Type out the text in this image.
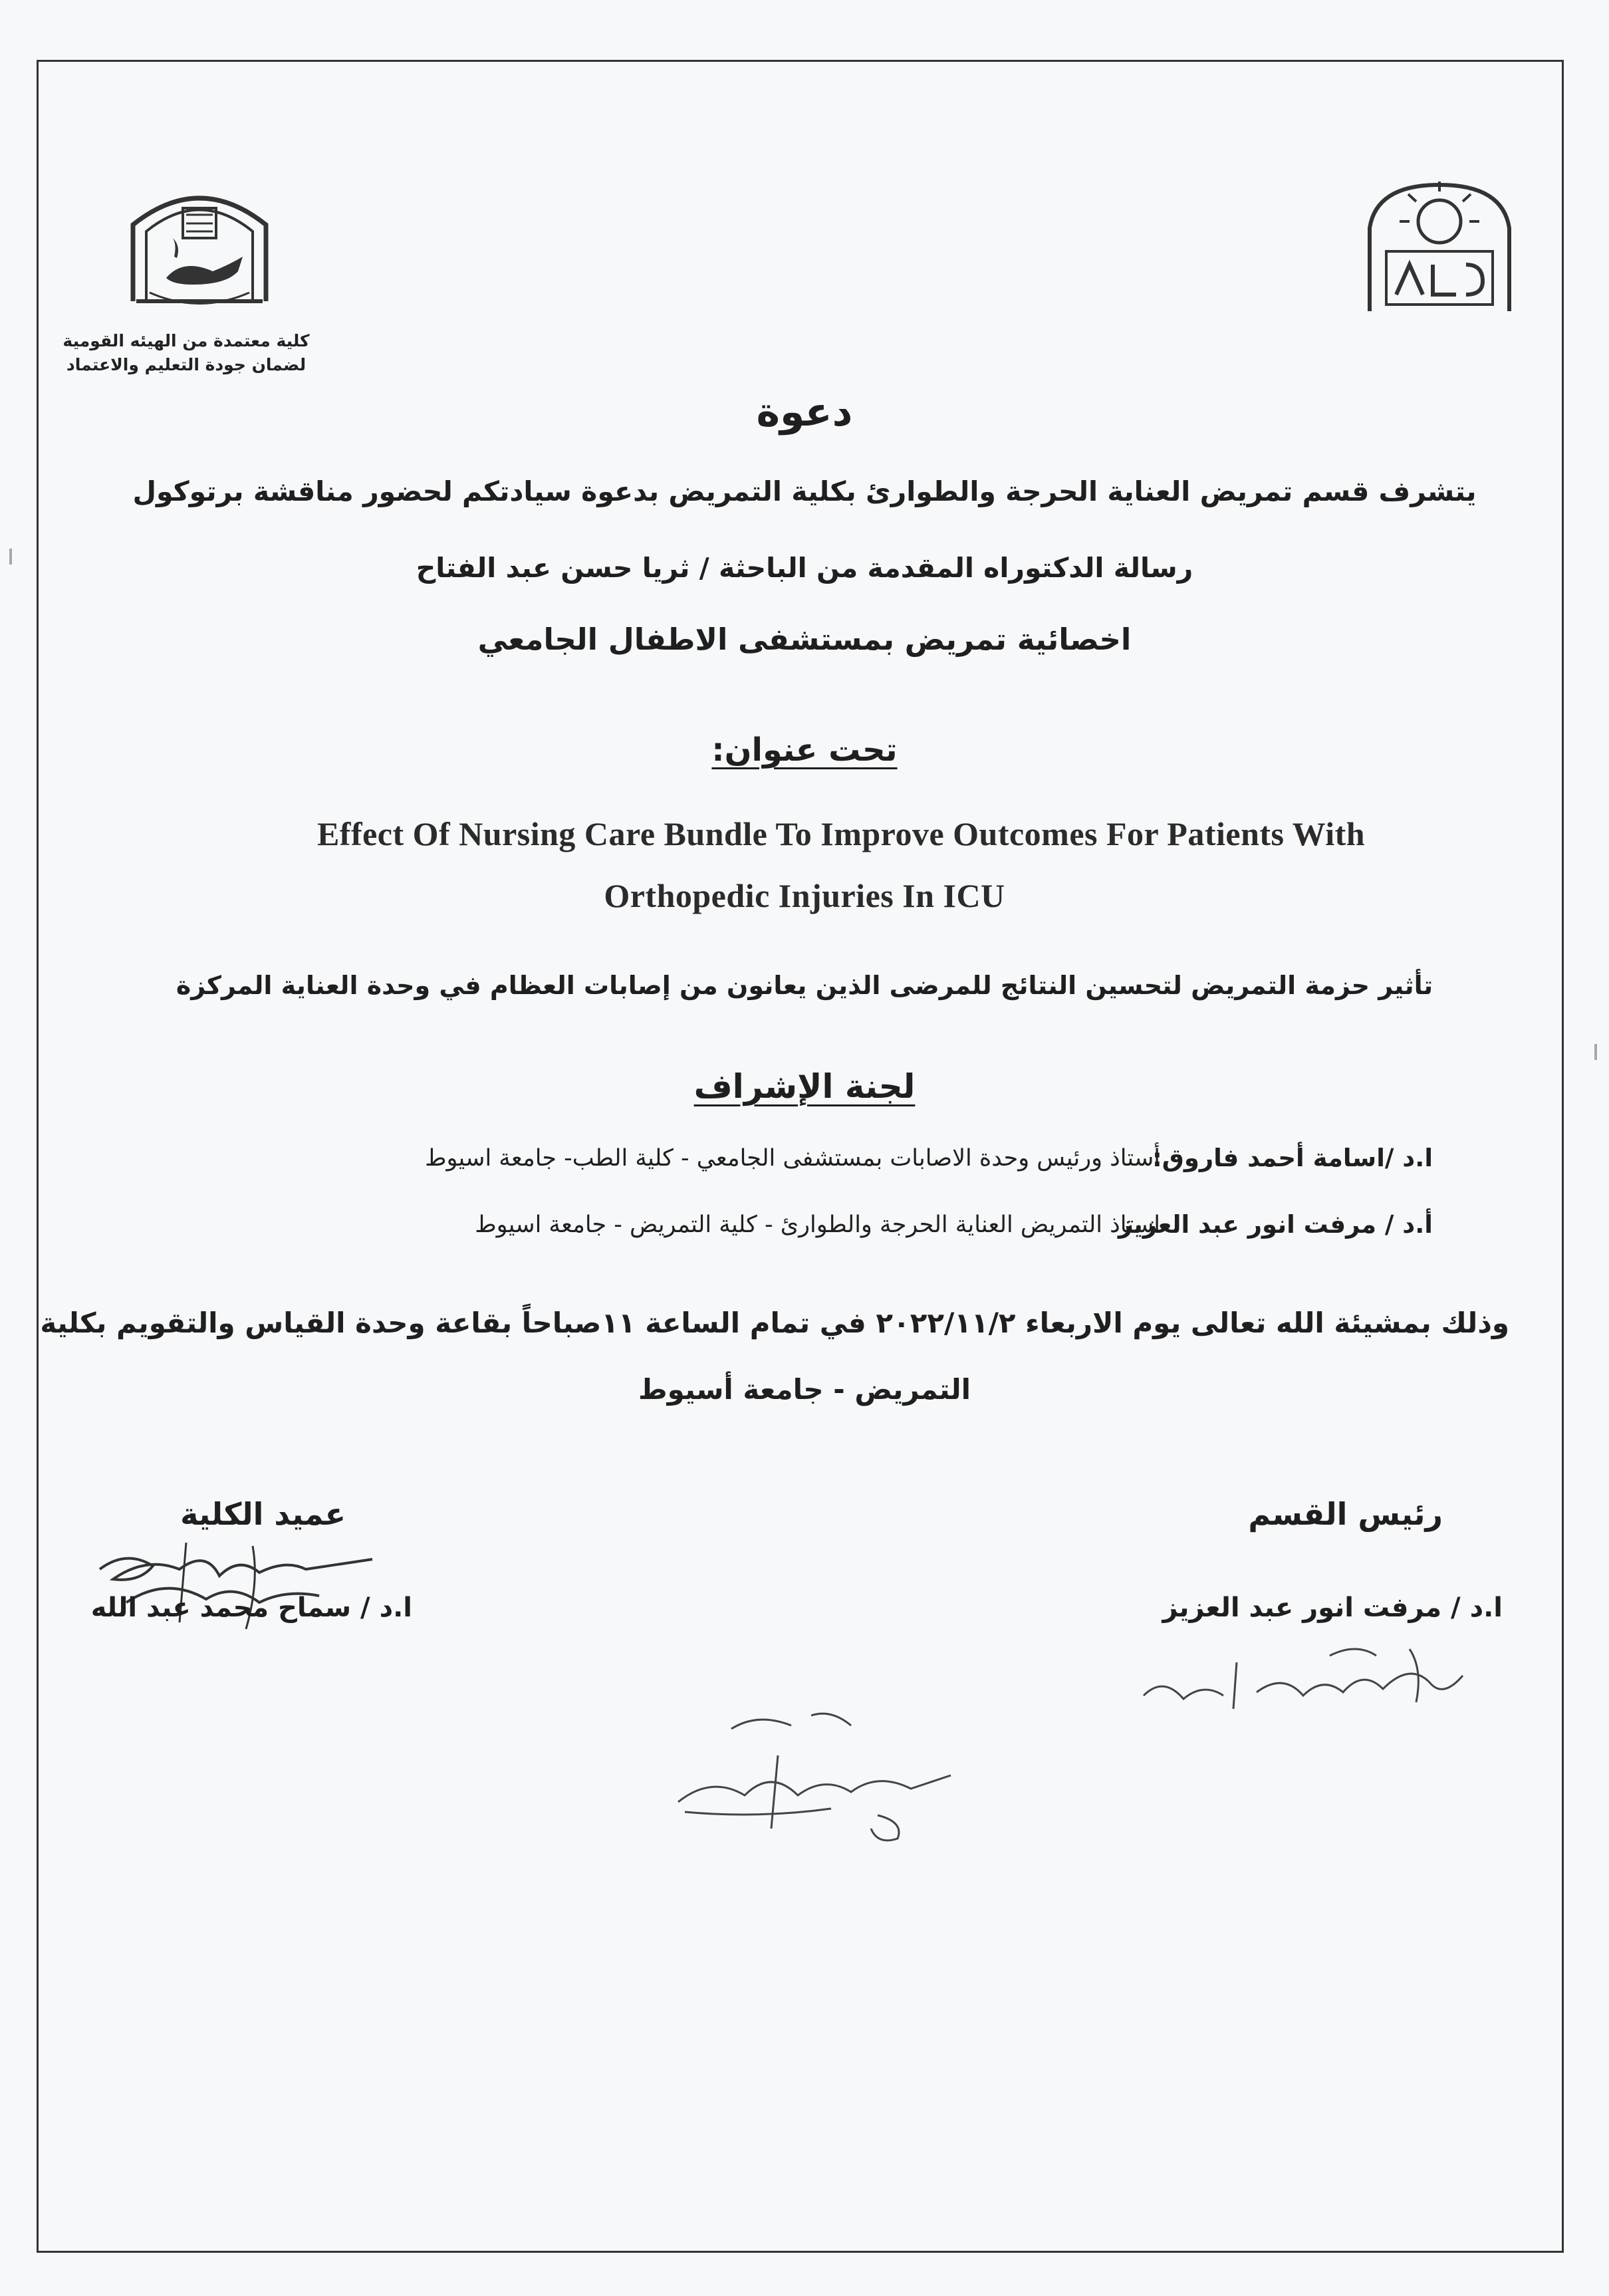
كلية معتمدة من الهيئه القومية
لضمان جودة التعليم والاعتماد
دعوة
يتشرف قسم تمريض العناية الحرجة والطوارئ بكلية التمريض بدعوة سيادتكم لحضور مناقشة برتوكول
رسالة الدكتوراه المقدمة من الباحثة / ثريا حسن عبد الفتاح
اخصائية تمريض بمستشفى الاطفال الجامعي
تحت عنوان:
Effect Of Nursing Care Bundle To Improve Outcomes For Patients With
Orthopedic Injuries In ICU
تأثير حزمة التمريض لتحسين النتائج للمرضى الذين يعانون من إصابات العظام في وحدة العناية المركزة
لجنة الإشراف
ا.د /اسامة أحمد فاروق:
أستاذ ورئيس وحدة الاصابات بمستشفى الجامعي - كلية الطب- جامعة اسيوط
أ.د / مرفت انور عبد العزيز
استاذ التمريض العناية الحرجة والطوارئ - كلية التمريض - جامعة اسيوط
وذلك بمشيئة الله تعالى يوم الاربعاء ٢٠٢٢/١١/٢ في تمام الساعة ١١صباحاً بقاعة وحدة القياس والتقويم بكلية
التمريض - جامعة أسيوط
رئيس القسم
عميد الكلية
ا.د / مرفت انور عبد العزيز
ا.د / سماح محمد عبد الله
